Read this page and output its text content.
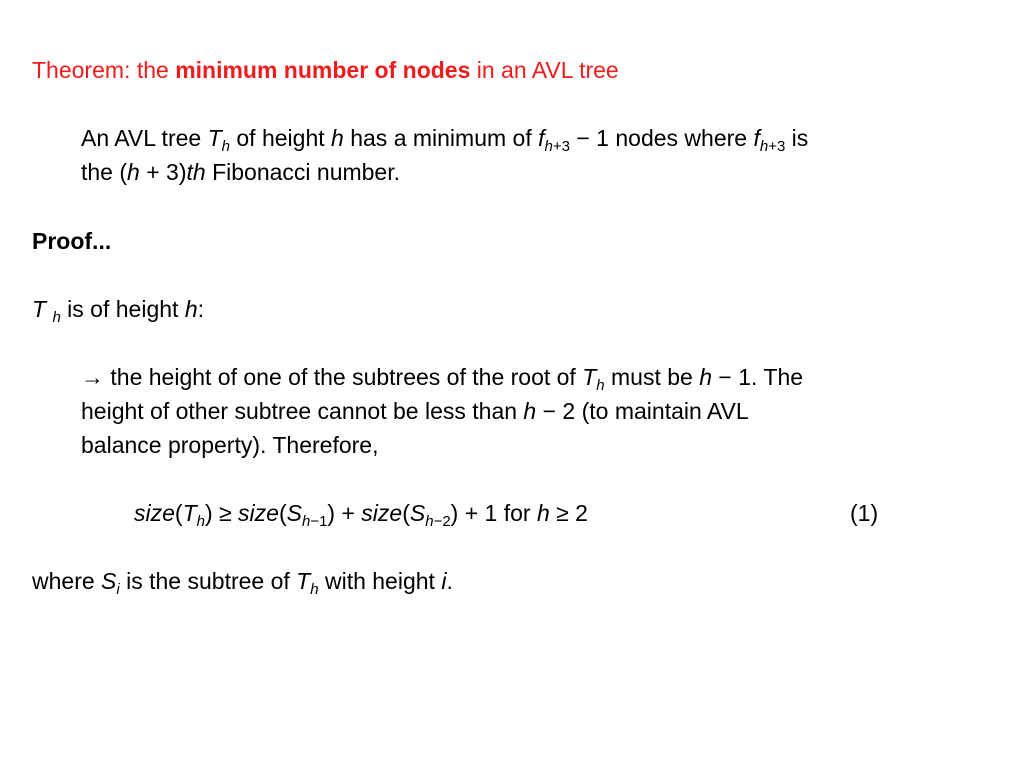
Theorem: the minimum number of nodes in an AVL tree
An AVL tree $T_h$ of height h has a minimum of $f_{h+3} - 1$ nodes where $f_{h+3}$ is
the (h + 3)th Fibonacci number.
Proof...
T $_h$ is of height h:
→ the height of one of the subtrees of the root of $T_h$ must be h − 1. The
height of other subtree cannot be less than h − 2 (to maintain AVL
balance property). Therefore,
$size(T_h)$ ≥ $size(S_{h-1})$ + $size(S_{h-2}) + 1$ for h ≥ 2	(1)
where $S_i$ is the subtree of $T_h$ with height i.
